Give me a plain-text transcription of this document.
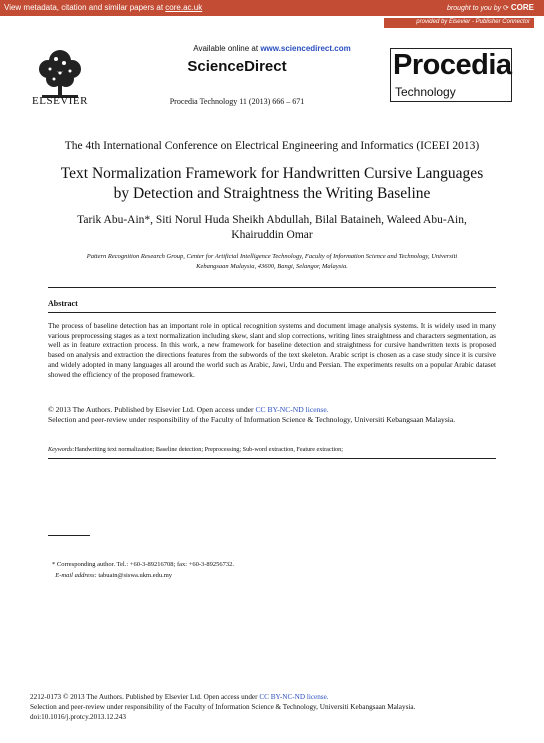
View metadata, citation and similar papers at core.ac.uk	brought to you by ⟳ CORE
provided by Elsevier - Publisher Connector
ELSEVIER
Available online at www.sciencedirect.com
ScienceDirect
Procedia Technology 11 (2013) 666 – 671
Procedia
Technology
The 4th International Conference on Electrical Engineering and Informatics (ICEEI 2013)
Text Normalization Framework for Handwritten Cursive Languages
by Detection and Straightness the Writing Baseline
Tarik Abu-Ain*, Siti Norul Huda Sheikh Abdullah, Bilal Bataineh, Waleed Abu-Ain,
Khairuddin Omar
Pattern Recognition Research Group, Center for Artificial Intelligence Technology, Faculty of Information Science and Technology, Universiti
Kebangsaan Malaysia, 43600, Bangi, Selangor, Malaysia.
Abstract
The process of baseline detection has an important role in optical recognition systems and document image analysis systems. It is widely used in many various preprocessing stages as a text normalization including skew, slant and slop corrections, writing lines straightness and characters segmentation, as well as in feature extraction process. In this work, a new framework for baseline detection and straightness for cursive handwritten texts is proposed based on analysis and extraction the directions features from the subwords of the text skeleton. Arabic script is chosen as a case study since it is cursive and widely adopted in many languages all around the world such as Arabic, Jawi, Urdu and Persian. The experiments results on a popular Arabic dataset showed the efficiency of the proposed framework.
© 2013 The Authors. Published by Elsevier Ltd. Open access under CC BY-NC-ND license.
Selection and peer-review under responsibility of the Faculty of Information Science & Technology, Universiti Kebangsaan Malaysia.
Keywords:Handwriting text normalization; Baseline detection; Preprocessing; Sub-word extraction, Feature extraction;
* Corresponding author. Tel.: +60-3-89216708; fax: +60-3-89256732.
E-mail address: tabuain@siswa.ukm.edu.my
2212-0173 © 2013 The Authors. Published by Elsevier Ltd. Open access under CC BY-NC-ND license.
Selection and peer-review under responsibility of the Faculty of Information Science & Technology, Universiti Kebangsaan Malaysia.
doi:10.1016/j.protcy.2013.12.243
